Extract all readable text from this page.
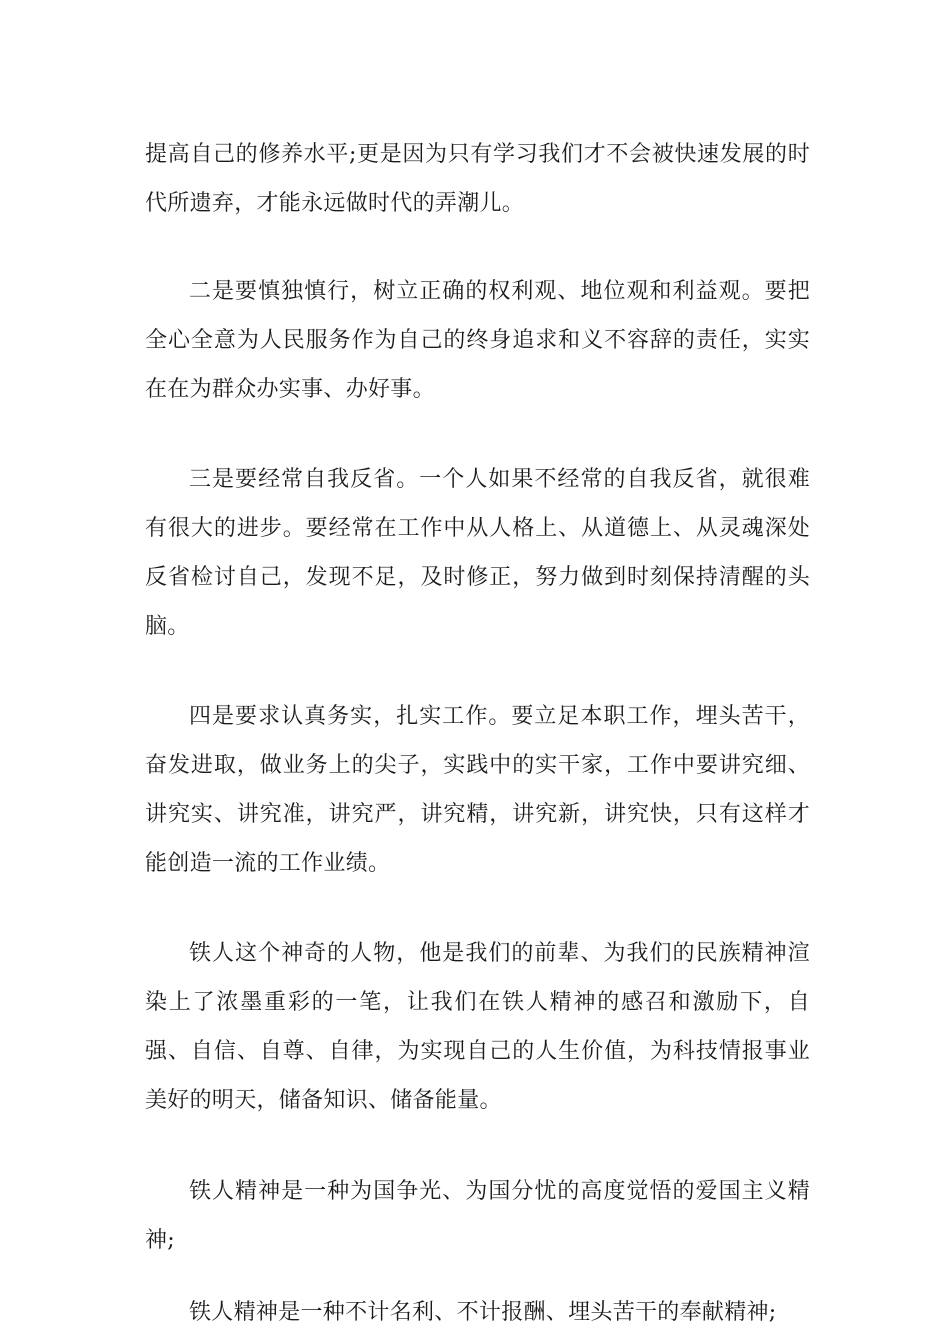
提高自己的修养水平;更是因为只有学习我们才不会被快速发展的时代所遗弃，才能永远做时代的弄潮儿。

二是要慎独慎行，树立正确的权利观、地位观和利益观。要把全心全意为人民服务作为自己的终身追求和义不容辞的责任，实实在在为群众办实事、办好事。

三是要经常自我反省。一个人如果不经常的自我反省，就很难有很大的进步。要经常在工作中从人格上、从道德上、从灵魂深处反省检讨自己，发现不足，及时修正，努力做到时刻保持清醒的头脑。

四是要求认真务实，扎实工作。要立足本职工作，埋头苦干，奋发进取，做业务上的尖子，实践中的实干家，工作中要讲究细、讲究实、讲究准，讲究严，讲究精，讲究新，讲究快，只有这样才能创造一流的工作业绩。

铁人这个神奇的人物，他是我们的前辈、为我们的民族精神渲染上了浓墨重彩的一笔，让我们在铁人精神的感召和激励下，自强、自信、自尊、自律，为实现自己的人生价值，为科技情报事业美好的明天，储备知识、储备能量。

铁人精神是一种为国争光、为国分忧的高度觉悟的爱国主义精神;

铁人精神是一种不计名利、不计报酬、埋头苦干的奉献精神;
